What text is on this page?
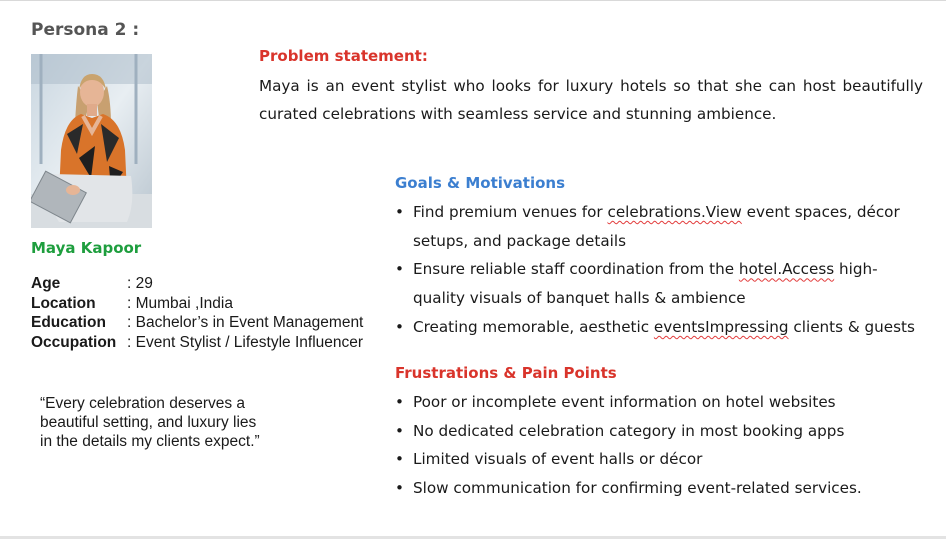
Persona 2 :
Maya Kapoor
Age	: 29
Location : Mumbai ,India
Education : Bachelor’s in Event Management
Occupation : Event Stylist / Lifestyle Influencer
“Every celebration deserves a beautiful setting, and luxury lies in the details my clients expect.”
Problem statement:
Maya is an event stylist who looks for luxury hotels so that she can host beautifully curated celebrations with seamless service and stunning ambience.
Goals & Motivations
• Find premium venues for celebrations.View event spaces, décor setups, and package details
• Ensure reliable staff coordination from the hotel.Access high-quality visuals of banquet halls & ambience
• Creating memorable, aesthetic eventsImpressing clients & guests
Frustrations & Pain Points
• Poor or incomplete event information on hotel websites
• No dedicated celebration category in most booking apps
• Limited visuals of event halls or décor
• Slow communication for confirming event-related services.
